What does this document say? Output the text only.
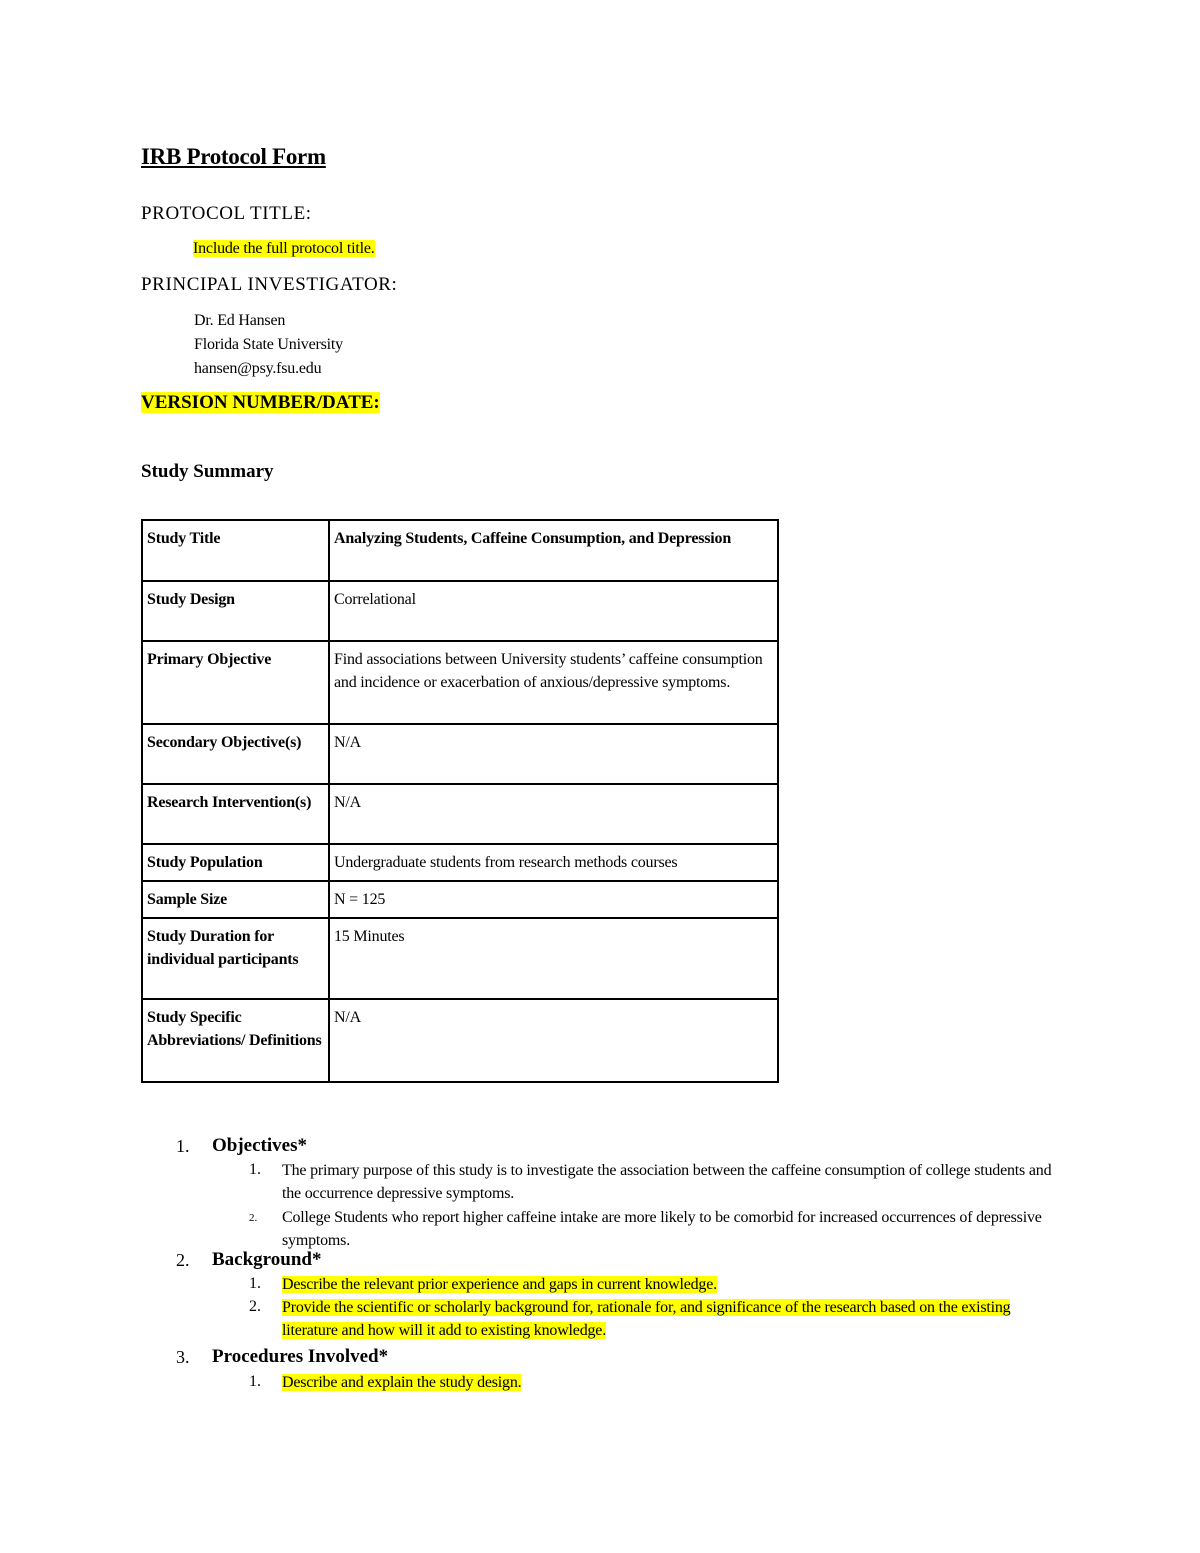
IRB Protocol Form
PROTOCOL TITLE:
Include the full protocol title.
PRINCIPAL INVESTIGATOR:
Dr. Ed Hansen
Florida State University
hansen@psy.fsu.edu
VERSION NUMBER/DATE:
Study Summary
Study Title	Analyzing Students, Caffeine Consumption, and Depression
Study Design	Correlational
Primary Objective	Find associations between University students’ caffeine consumption and incidence or exacerbation of anxious/depressive symptoms.
Secondary Objective(s)	N/A
Research Intervention(s)	N/A
Study Population	Undergraduate students from research methods courses
Sample Size	N = 125
Study Duration for individual participants	15 Minutes
Study Specific Abbreviations/ Definitions	N/A
1. Objectives*
1. The primary purpose of this study is to investigate the association between the caffeine consumption of college students and the occurrence depressive symptoms.
2. College Students who report higher caffeine intake are more likely to be comorbid for increased occurrences of depressive symptoms.
2. Background*
1. Describe the relevant prior experience and gaps in current knowledge.
2. Provide the scientific or scholarly background for, rationale for, and significance of the research based on the existing literature and how will it add to existing knowledge.
3. Procedures Involved*
1. Describe and explain the study design.
